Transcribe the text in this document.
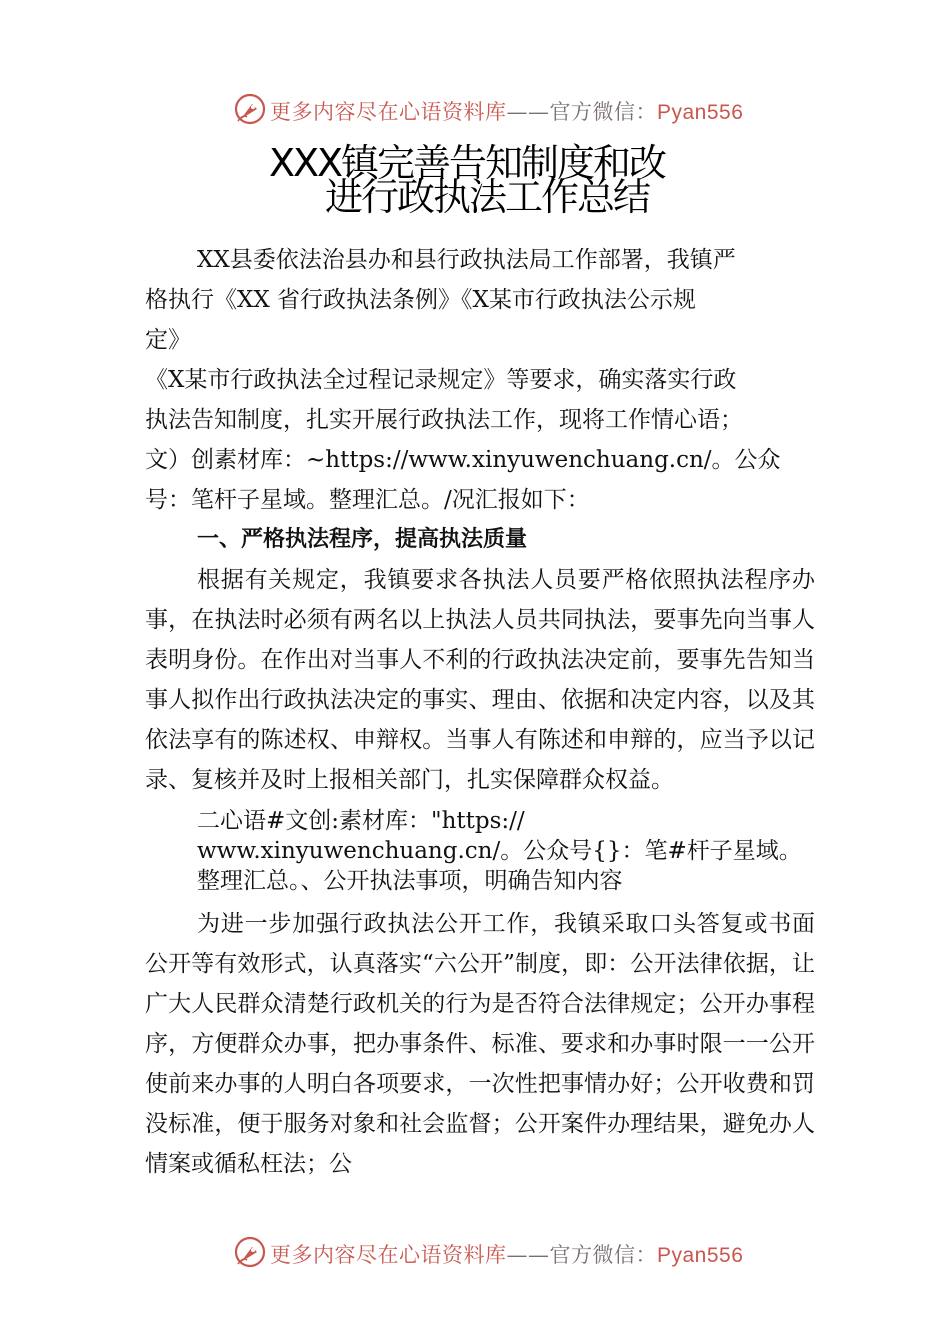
更多内容尽在心语资料库——官方微信：Pyan556
XXX镇完善告知制度和改
进行政执法工作总结
XX县委依法治县办和县行政执法局工作部署，我镇严
格执行《XX 省行政执法条例》《X某市行政执法公示规
定》
《X某市行政执法全过程记录规定》等要求，确实落实行政
执法告知制度，扎实开展行政执法工作，现将工作情心语；
文）创素材库：~https://www.xinyuwenchuang.cn/。公众
号：笔杆子星域。整理汇总。/况汇报如下：
一、严格执法程序，提高执法质量
根据有关规定，我镇要求各执法人员要严格依照执法程序办事，在执法时必须有两名以上执法人员共同执法，要事先向当事人表明身份。在作出对当事人不利的行政执法决定前，要事先告知当事人拟作出行政执法决定的事实、理由、依据和决定内容，以及其依法享有的陈述权、申辩权。当事人有陈述和申辩的，应当予以记录、复核并及时上报相关部门，扎实保障群众权益。
二心语#文创:素材库："https://
www.xinyuwenchuang.cn/。公众号{}：笔#杆子星域。
整理汇总。、公开执法事项，明确告知内容
为进一步加强行政执法公开工作，我镇采取口头答复或书面公开等有效形式，认真落实“六公开”制度，即：公开法律依据，让广大人民群众清楚行政机关的行为是否符合法律规定；公开办事程序，方便群众办事，把办事条件、标准、要求和办事时限一一公开使前来办事的人明白各项要求，一次性把事情办好；公开收费和罚没标准，便于服务对象和社会监督；公开案件办理结果，避免办人情案或循私枉法；公
更多内容尽在心语资料库——官方微信：Pyan556
